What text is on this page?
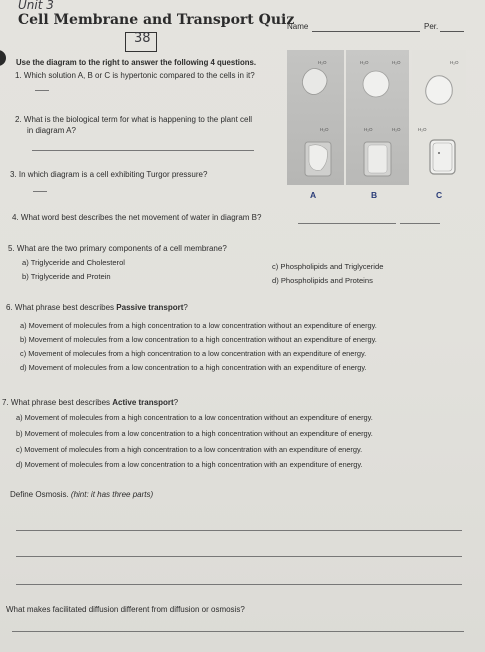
Unit 3
Cell Membrane and Transport Quiz
Name	Per.
38
Use the diagram to the right to answer the following 4 questions.
1. Which solution A, B or C is hypertonic compared to the cells in it?
2. What is the biological term for what is happening to the plant cell
in diagram A?
3. In which diagram is a cell exhibiting Turgor pressure?
H₂O	H₂O	H₂O	H₂O
H₂O	H₂O	H₂O	H₂O
A	B	C
4. What word best describes the net movement of water in diagram B?
5. What are the two primary components of a cell membrane?
a) Triglyceride and Cholesterol
b) Triglyceride and Protein
c) Phospholipids and Triglyceride
d) Phospholipids and Proteins
6. What phrase best describes Passive transport?
a) Movement of molecules from a high concentration to a low concentration without an expenditure of energy.
b) Movement of molecules from a low concentration to a high concentration without an expenditure of energy.
c) Movement of molecules from a high concentration to a low concentration with an expenditure of energy.
d) Movement of molecules from a low concentration to a high concentration with an expenditure of energy.
7. What phrase best describes Active transport?
a) Movement of molecules from a high concentration to a low concentration without an expenditure of energy.
b) Movement of molecules from a low concentration to a high concentration without an expenditure of energy.
c) Movement of molecules from a high concentration to a low concentration with an expenditure of energy.
d) Movement of molecules from a low concentration to a high concentration with an expenditure of energy.
Define Osmosis. (hint: it has three parts)
What makes facilitated diffusion different from diffusion or osmosis?
